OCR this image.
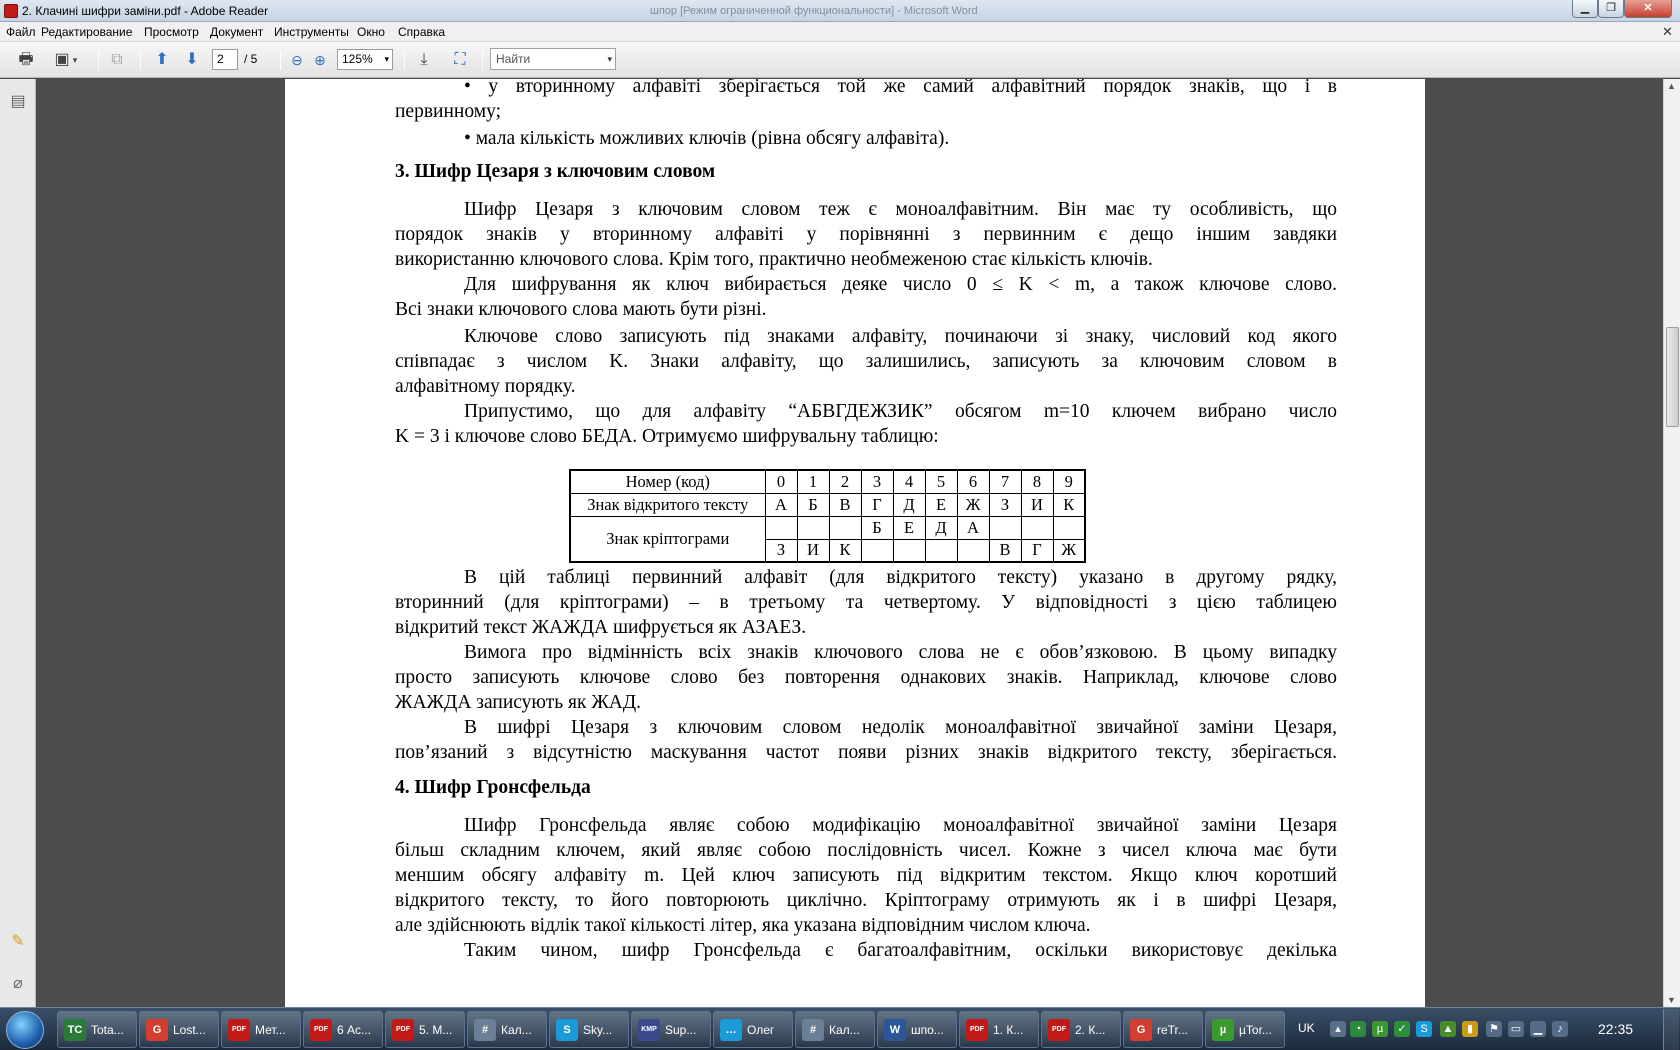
2. Клачині шифри заміни.pdf - Adobe Reader	шпор [Режим ограниченной функциональности] - Microsoft Word	▁	❐	✕
Файл Редактирование Просмотр Документ Инструменты Окно Справка	✕
🖶 ▣ ▾	⧉	⬆	⬇	2	/ 5	⊖ ⊕	125% ▾	⤓	⛶	Найти	▾
▤
✎
⌀
• у вторинному алфавіті зберігається той же самий алфавітний порядок знаків, що і в
первинному;
• мала кількість можливих ключів (рівна обсягу алфавіта).
3. Шифр Цезаря з ключовим словом
Шифр Цезаря з ключовим словом теж є моноалфавітним. Він має ту особливість, що
порядок знаків у вторинному алфавіті у порівнянні з первинним є дещо іншим завдяки
використанню ключового слова. Крім того, практично необмеженою стає кількість ключів.
Для шифрування як ключ вибирається деяке число 0 ≤ K < m, а також ключове слово.
Всі знаки ключового слова мають бути різні.
Ключове слово записують під знаками алфавіту, починаючи зі знаку, числовий код якого
співпадає з числом K. Знаки алфавіту, що залишились, записують за ключовим словом в
алфавітному порядку.
Припустимо, що для алфавіту “АБВГДЕЖЗИК” обсягом m=10 ключем вибрано число
K = 3 і ключове слово БЕДА. Отримуємо шифрувальну таблицю:
Номер (код)	0	1	2	3	4	5	6	7	8	9
Знак відкритого тексту	А	Б	В	Г	Д	Е	Ж	З	И	К
Знак кріптограми				Б	Е	Д	А			
	З	И	К					В	Г	Ж
В цій таблиці первинний алфавіт (для відкритого тексту) указано в другому рядку,
вторинний (для кріптограми) – в третьому та четвертому. У відповідності з цією таблицею
відкритий текст ЖАЖДА шифрується як АЗАЕЗ.
Вимога про відмінність всіх знаків ключового слова не є обов’язковою. В цьому випадку
просто записують ключове слово без повторення однакових знаків. Наприклад, ключове слово
ЖАЖДА записують як ЖАД.
В шифрі Цезаря з ключовим словом недолік моноалфавітної звичайної заміни Цезаря,
пов’язаний з відсутністю маскування частот появи різних знаків відкритого тексту, зберігається.
4. Шифр Гронсфельда
Шифр Гронсфельда являє собою модифікацію моноалфавітної звичайної заміни Цезаря
більш складним ключем, який являє собою послідовність чисел. Кожне з чисел ключа має бути
меншим обсягу алфавіту m. Цей ключ записують під відкритим текстом. Якщо ключ коротший
відкритого тексту, то його повторюють циклічно. Кріптограму отримують як і в шифрі Цезаря,
але здійснюють відлік такої кількості літер, яка указана відповідним числом ключа.
Таким чином, шифр Гронсфельда є багатоалфавітним, оскільки використовує декілька
▲
▼
TC Tota...	G Lost...	PDF Мет...	PDF 6 Ас...	PDF 5. М...	#	Кал...	S	Sky...	KMP Sup...	… Олег	#	Кал...	W шпо...	PDF 1. К...	PDF 2. К...	G reTr...	µ	µTor... UK	▴	◔	µ	✓	S	▲	▮	⚑ ▭	▁	♪	22:35
